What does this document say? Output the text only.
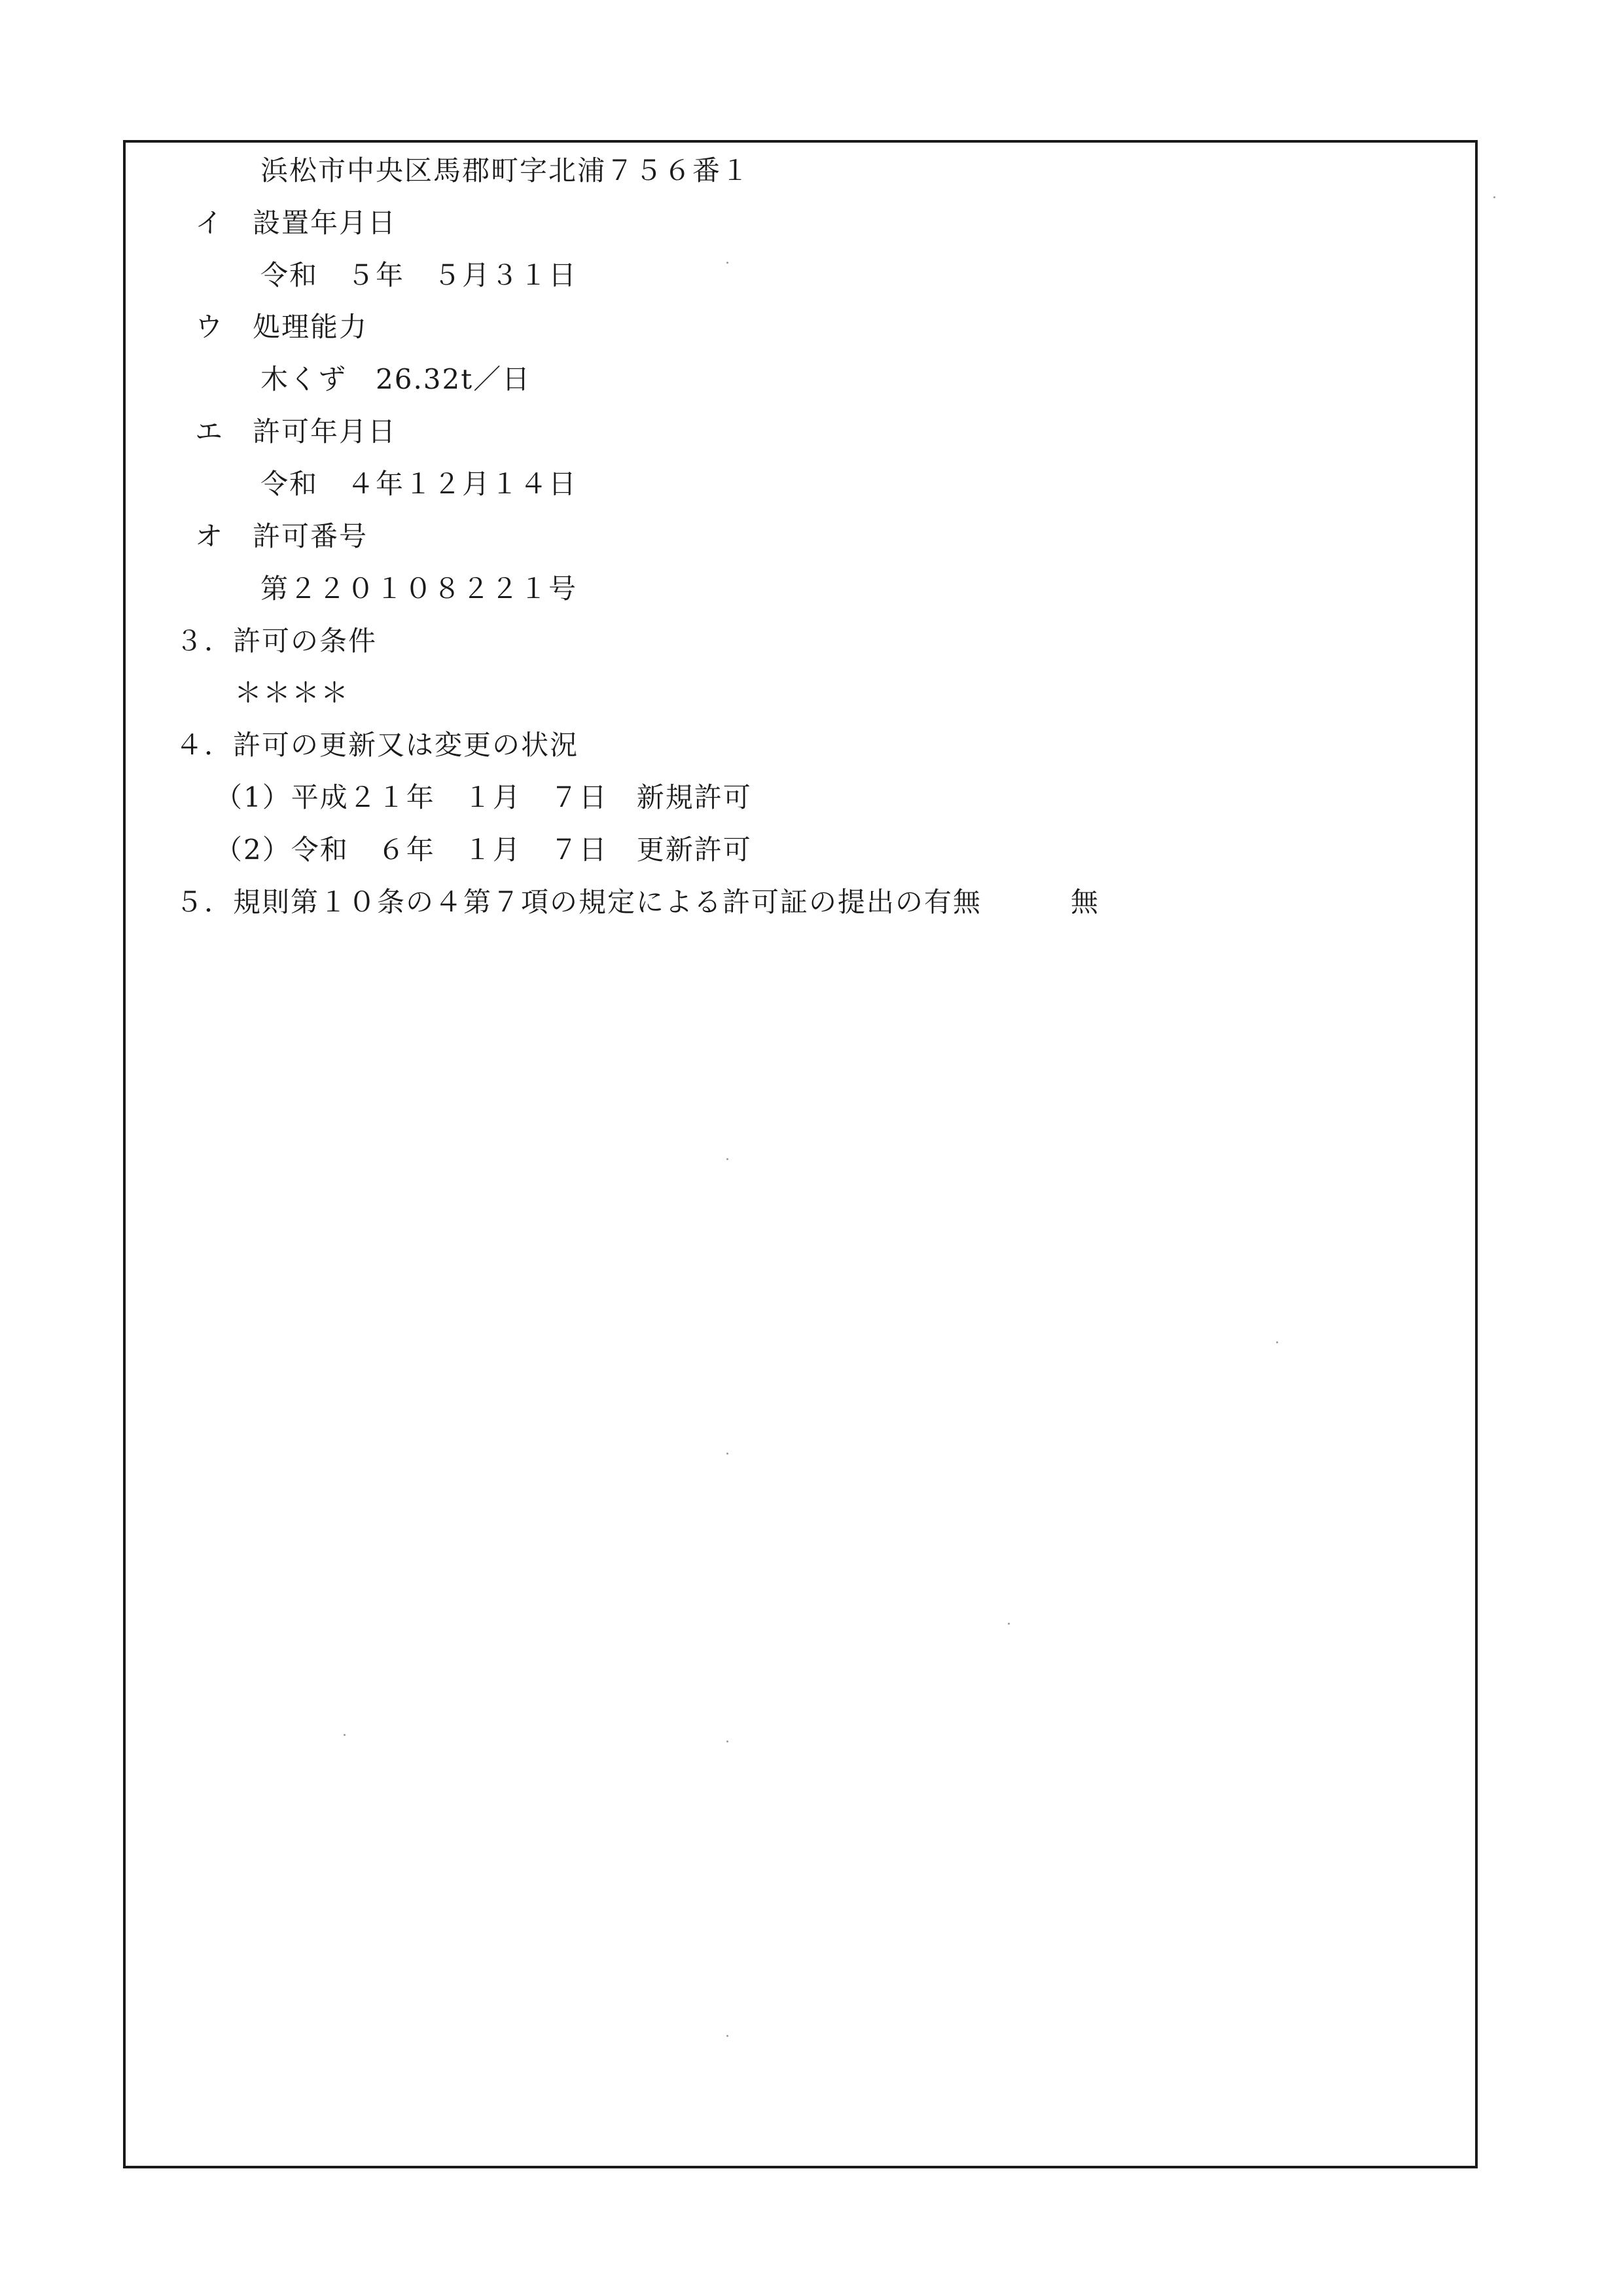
浜松市中央区馬郡町字北浦７５６番１
イ　設置年月日
令和　５年　５月３１日
ウ　処理能力
木くず　26.32t／日
エ　許可年月日
令和　４年１２月１４日
オ　許可番号
第２２０１０８２２１号
３．許可の条件
＊＊＊＊
４．許可の更新又は変更の状況
（1）平成２１年　１月　７日　新規許可
（2）令和　６年　１月　７日　更新許可
５．規則第１０条の４第７項の規定による許可証の提出の有無	無
